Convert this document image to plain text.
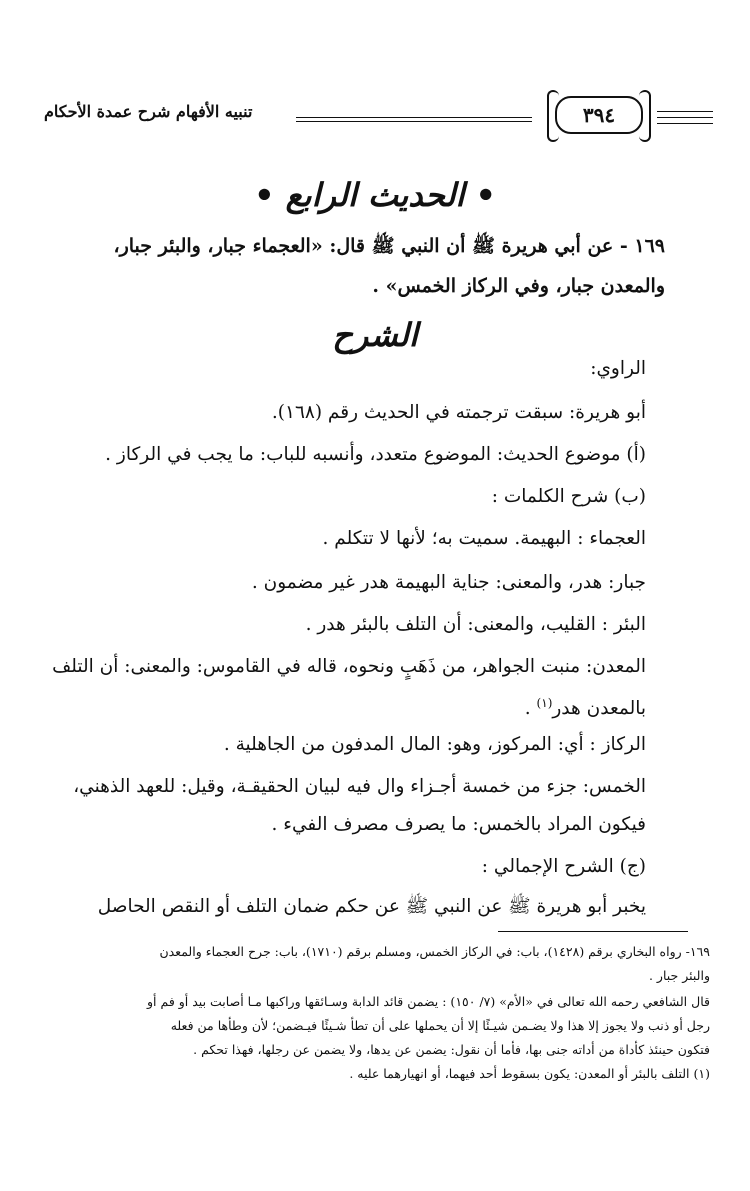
تنبيه الأفهام شرح عمدة الأحكام	٣٩٤
• الحديث الرابع •
١٦٩ - عن أبي هريرة ﷺ أن النبي ﷺ قال: «العجماء جبار، والبئر جبار،
والمعدن جبار، وفي الركاز الخمس» .
الشرح
الراوي:
أبو هريرة: سبقت ترجمته في الحديث رقم (١٦٨).
(أ) موضوع الحديث: الموضوع متعدد، وأنسبه للباب: ما يجب في الركاز .
(ب) شرح الكلمات :
العجماء : البهيمة. سميت به؛ لأنها لا تتكلم .
جبار: هدر، والمعنى: جناية البهيمة هدر غير مضمون .
البئر : القليب، والمعنى: أن التلف بالبئر هدر .
المعدن: منبت الجواهر، من ذَهَبٍ ونحوه، قاله في القاموس: والمعنى: أن التلف
بالمعدن هدر$^{(١)}$ .
الركاز : أي: المركوز، وهو: المال المدفون من الجاهلية .
الخمس: جزء من خمسة أجـزاء وال فيه لبيان الحقيقـة، وقيل: للعهد الذهني،
فيكون المراد بالخمس: ما يصرف مصرف الفيء .
(ج) الشرح الإجمالي :
يخبر أبو هريرة ﷺ عن النبي ﷺ عن حكم ضمان التلف أو النقص الحاصل
١٦٩- رواه البخاري برقم (١٤٢٨)، باب: في الركاز الخمس، ومسلم برقم (١٧١٠)، باب: جرح العجماء والمعدن
والبئر جبار .
قال الشافعي رحمه الله تعالى في «الأم» (٧/ ١٥٠) : يضمن قائد الدابة وسـائقها وراكبها مـا أصابت بيد أو فم أو
رجل أو ذنب ولا يجوز إلا هذا ولا يضـمن شيـئًا إلا أن يحملها على أن تطأ شـيئًا فيـضمن؛ لأن وطأها من فعله
فتكون حينئذ كأداة من أداته جنى بها، فأما أن نقول: يضمن عن يدها، ولا يضمن عن رجلها، فهذا تحكم .
(١) التلف بالبئر أو المعدن: يكون بسقوط أحد فيهما، أو انهيارهما عليه .
